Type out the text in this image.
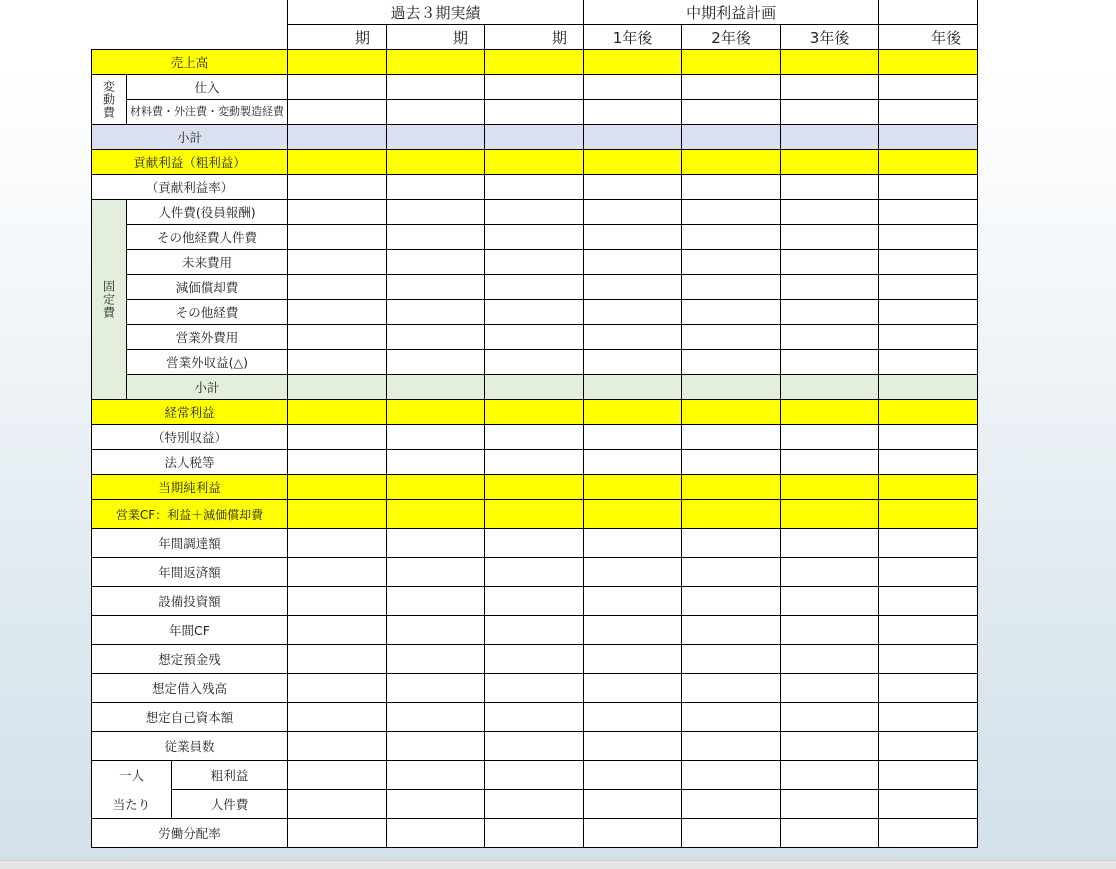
			過去３期実績			中期利益計画			
			期	期	期	1年後	2年後	3年後	年後
売上高									
変動費	仕入								
	材料費・外注費・変動製造経費								
小計									
貢献利益（粗利益）									
（貢献利益率）									
固定費	人件費(役員報酬)								
	その他経費人件費								
	未来費用								
	減価償却費								
	その他経費								
	営業外費用								
	営業外収益(△)								
	小計								
経常利益									
（特別収益）									
法人税等									
当期純利益									
営業CF：利益＋減価償却費									
年間調達額									
年間返済額									
設備投資額									
年間CF									
想定預金残									
想定借入残高									
想定自己資本額									
従業員数									
一人		粗利益							
当たり		人件費							
労働分配率									
